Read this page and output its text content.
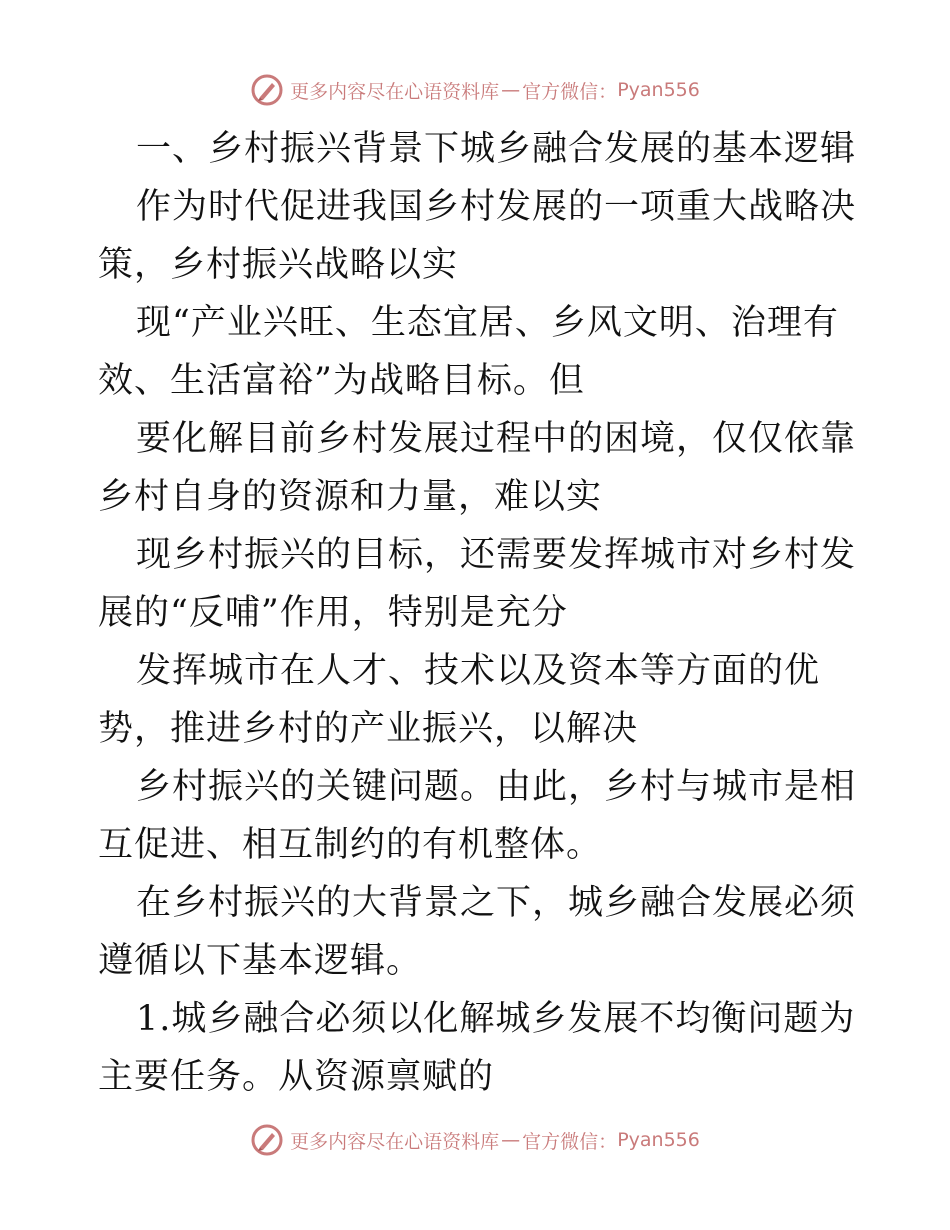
更多内容尽在心语资料库 — 官方微信： Pyan556

一、乡村振兴背景下城乡融合发展的基本逻辑

作为时代促进我国乡村发展的一项重大战略决策，乡村振兴战略以实

现“产业兴旺、生态宜居、乡风文明、治理有效、生活富裕”为战略目标。但

要化解目前乡村发展过程中的困境，仅仅依靠乡村自身的资源和力量，难以实

现乡村振兴的目标，还需要发挥城市对乡村发展的“反哺”作用，特别是充分

发挥城市在人才、技术以及资本等方面的优势，推进乡村的产业振兴，以解决

乡村振兴的关键问题。由此，乡村与城市是相互促进、相互制约的有机整体。

在乡村振兴的大背景之下，城乡融合发展必须遵循以下基本逻辑。

1.城乡融合必须以化解城乡发展不均衡问题为主要任务。从资源禀赋的

更多内容尽在心语资料库 — 官方微信： Pyan556
